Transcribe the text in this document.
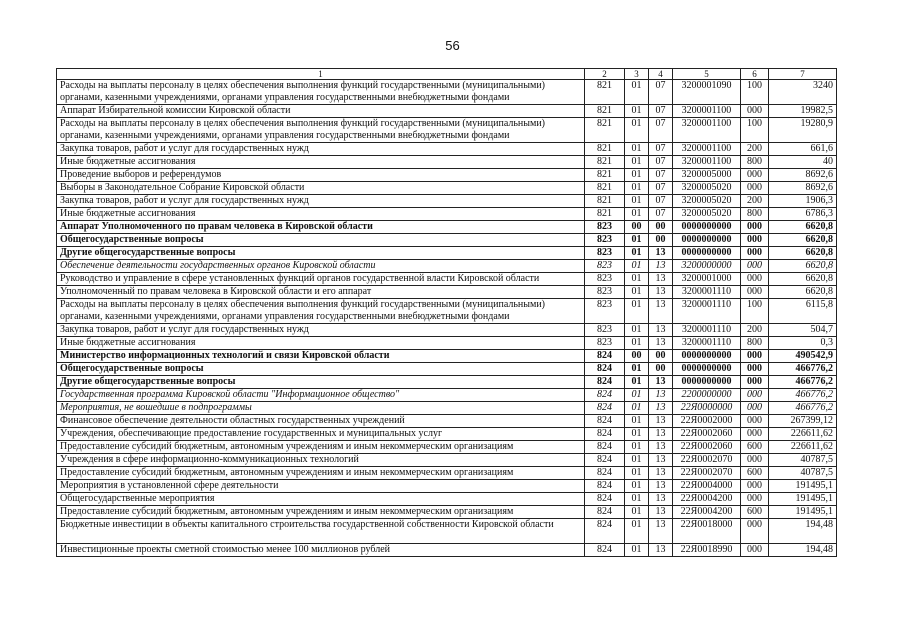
56
1	2	3	4	5	6	7
Расходы на выплаты персоналу в целях обеспечения выполнения функций государственными (муниципальными) органами, казенными учреждениями, органами управления государственными внебюджетными фондами	821	01	07	3200001090	100	3240
Аппарат Избирательной комиссии Кировской области	821	01	07	3200001100	000	19982,5
Расходы на выплаты персоналу в целях обеспечения выполнения функций государственными (муниципальными) органами, казенными учреждениями, органами управления государственными внебюджетными фондами	821	01	07	3200001100	100	19280,9
Закупка товаров, работ и услуг для государственных нужд	821	01	07	3200001100	200	661,6
Иные бюджетные ассигнования	821	01	07	3200001100	800	40
Проведение выборов и референдумов	821	01	07	3200005000	000	8692,6
Выборы в Законодательное Собрание Кировской области	821	01	07	3200005020	000	8692,6
Закупка товаров, работ и услуг для государственных нужд	821	01	07	3200005020	200	1906,3
Иные бюджетные ассигнования	821	01	07	3200005020	800	6786,3
Аппарат Уполномоченного по правам человека в Кировской области	823	00	00	0000000000	000	6620,8
Общегосударственные вопросы	823	01	00	0000000000	000	6620,8
Другие общегосударственные вопросы	823	01	13	0000000000	000	6620,8
Обеспечение деятельности государственных органов Кировской области	823	01	13	3200000000	000	6620,8
Руководство и управление в сфере установленных функций органов государственной власти Кировской области	823	01	13	3200001000	000	6620,8
Уполномоченный по правам человека в Кировской области и его аппарат	823	01	13	3200001110	000	6620,8
Расходы на выплаты персоналу в целях обеспечения выполнения функций государственными (муниципальными) органами, казенными учреждениями, органами управления государственными внебюджетными фондами	823	01	13	3200001110	100	6115,8
Закупка товаров, работ и услуг для государственных нужд	823	01	13	3200001110	200	504,7
Иные бюджетные ассигнования	823	01	13	3200001110	800	0,3
Министерство информационных технологий и связи Кировской области	824	00	00	0000000000	000	490542,9
Общегосударственные вопросы	824	01	00	0000000000	000	466776,2
Другие общегосударственные вопросы	824	01	13	0000000000	000	466776,2
Государственная программа Кировской области "Информационное общество"	824	01	13	2200000000	000	466776,2
Мероприятия, не вошедшие в подпрограммы	824	01	13	22Я0000000	000	466776,2
Финансовое обеспечение деятельности областных государственных учреждений	824	01	13	22Я0002000	000	267399,12
Учреждения, обеспечивающие предоставление государственных и муниципальных услуг	824	01	13	22Я0002060	000	226611,62
Предоставление субсидий бюджетным, автономным учреждениям и иным некоммерческим организациям	824	01	13	22Я0002060	600	226611,62
Учреждения в сфере информационно-коммуникационных технологий	824	01	13	22Я0002070	000	40787,5
Предоставление субсидий бюджетным, автономным учреждениям и иным некоммерческим организациям	824	01	13	22Я0002070	600	40787,5
Мероприятия в установленной сфере деятельности	824	01	13	22Я0004000	000	191495,1
Общегосударственные мероприятия	824	01	13	22Я0004200	000	191495,1
Предоставление субсидий бюджетным, автономным учреждениям и иным некоммерческим организациям	824	01	13	22Я0004200	600	191495,1
Бюджетные инвестиции в объекты капитального строительства государственной собственности Кировской области	824	01	13	22Я0018000	000	194,48
Инвестиционные проекты сметной стоимостью менее 100 миллионов рублей	824	01	13	22Я0018990	000	194,48
